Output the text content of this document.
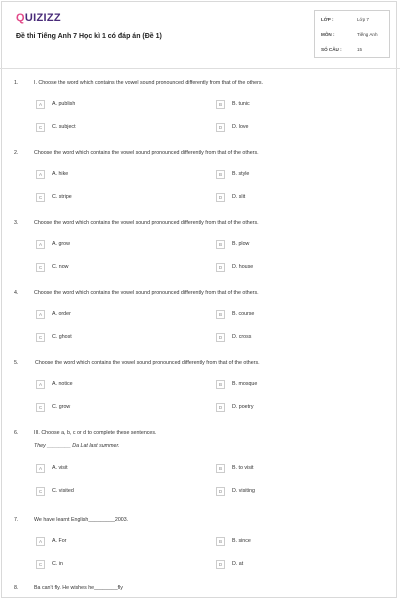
QUIZIZZ
Đề thi Tiếng Anh 7 Học kì 1 có đáp án (Đề 1)
LỚP :	Lớp 7
MÔN :	Tiếng Anh
SỐ CÂU :	15
1.	I. Choose the word which contains the vowel sound pronounced differently from that of the others.
A	A. publish	B	B. tunic
C	C. subject	D	D. love
2.	Choose the word which contains the vowel sound pronounced differently from that of the others.
A	A. hike	B	B. style
C	C. stripe	D	D. slit
3.	Choose the word which contains the vowel sound pronounced differently from that of the others.
A	A. grow	B	B. plow
C	C. now	D	D. house
4.	Choose the word which contains the vowel sound pronounced differently from that of the others.
A	A. order	B	B. course
C	C. ghost	D	D. cross
5.	Choose the word which contains the vowel sound pronounced differently from that of the others.
A	A. notice	B	B. mosque
C	C. grow	D	D. poetry
6.	III. Choose a, b, c or d to complete these sentences.
They ________ Da Lat last summer.
A	A. visit	B	B. to visit
C	C. visited	D	D. visiting
7.	We have learnt English_________2003.
A	A. For	B	B. since
C	C. in	D	D. at
8.	Ba can't fly. He wishes he________fly
